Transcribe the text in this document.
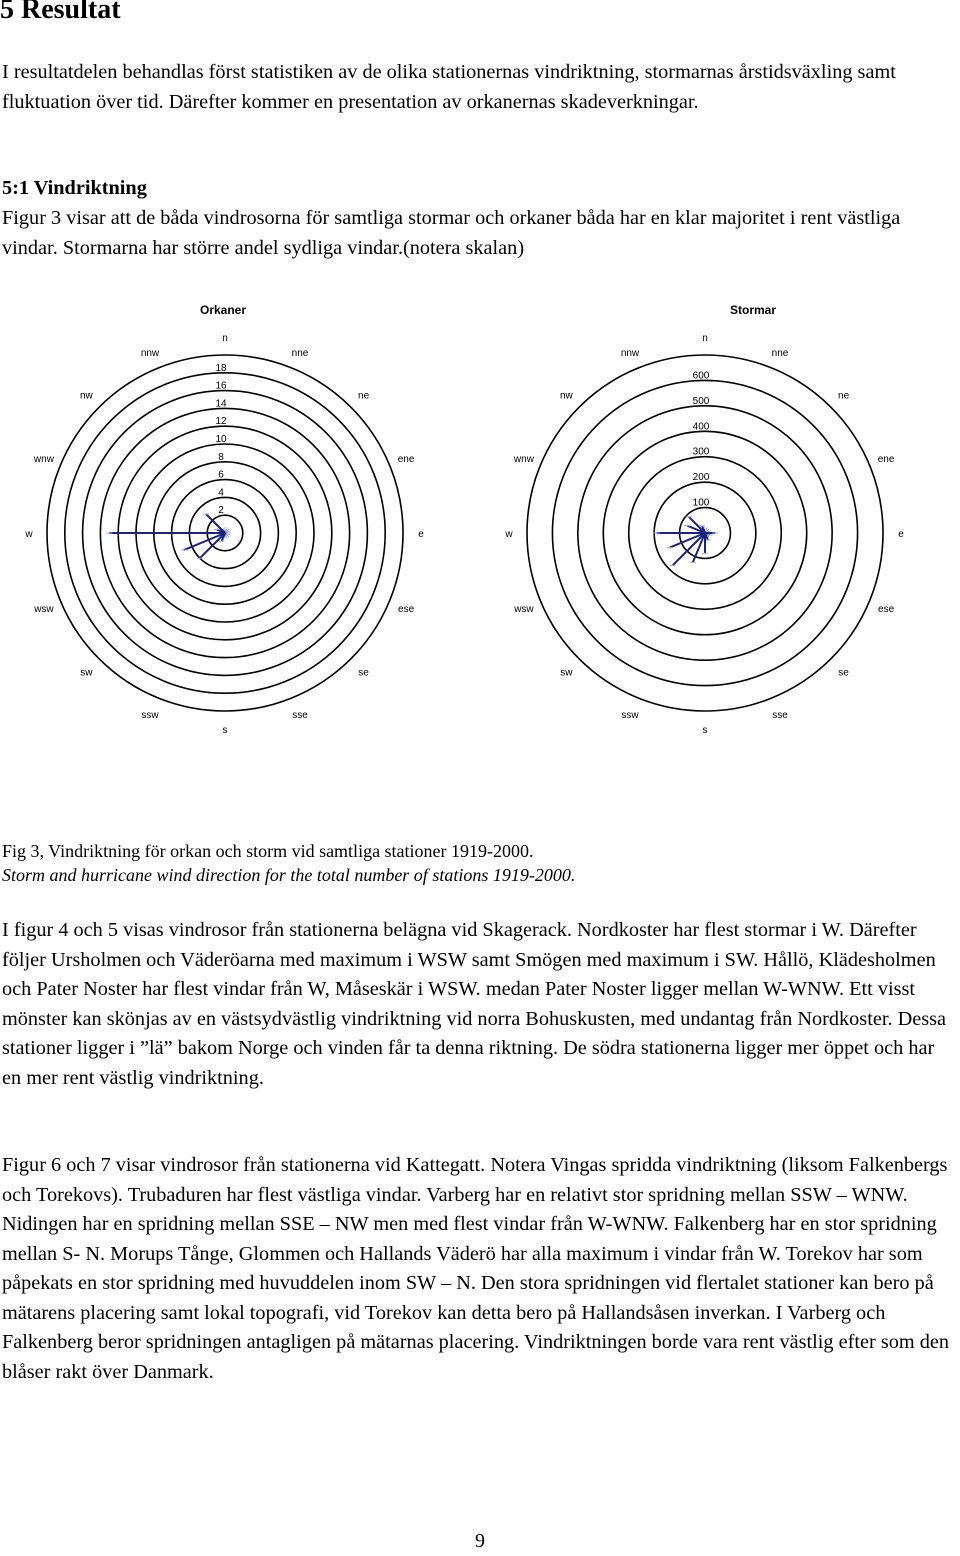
5 Resultat

I resultatdelen behandlas först statistiken av de olika stationernas vindriktning, stormarnas årstidsväxling samt fluktuation över tid. Därefter kommer en presentation av orkanernas skadeverkningar.

5:1 Vindriktning

Figur 3 visar att de båda vindrosorna för samtliga stormar och orkaner båda har en klar majoritet i rent västliga vindar. Stormarna har större andel sydliga vindar.(notera skalan)

Orkaner	Stormar
2
4
6
8
10
12
14
16
18
n
nne
ne
ene
e
ese
se
sse
s
ssw
sw
wsw
w
wnw
nw
nnw
100
200
300
400
500
600
n
nne
ne
ene
e
ese
se
sse
s
ssw
sw
wsw
w
wnw
nw
nnw

Fig 3, Vindriktning för orkan och storm vid samtliga stationer 1919-2000.

Storm and hurricane wind direction for the total number of stations 1919-2000.

I figur 4 och 5 visas vindrosor från stationerna belägna vid Skagerack. Nordkoster har flest stormar i W. Därefter följer Ursholmen och Väderöarna med maximum i WSW samt Smögen med maximum i SW. Hållö, Klädesholmen och Pater Noster har flest vindar från W, Måseskär i WSW. medan Pater Noster ligger mellan W-WNW. Ett visst mönster kan skönjas av en västsydvästlig vindriktning vid norra Bohuskusten, med undantag från Nordkoster. Dessa stationer ligger i ”lä” bakom Norge och vinden får ta denna riktning. De södra stationerna ligger mer öppet och har en mer rent västlig vindriktning.

Figur 6 och 7 visar vindrosor från stationerna vid Kattegatt. Notera Vingas spridda vindriktning (liksom Falkenbergs och Torekovs). Trubaduren har flest västliga vindar. Varberg har en relativt stor spridning mellan SSW – WNW. Nidingen har en spridning mellan SSE – NW men med flest vindar från W-WNW. Falkenberg har en stor spridning mellan S- N. Morups Tånge, Glommen och Hallands Väderö har alla maximum i vindar från W. Torekov har som påpekats en stor spridning med huvuddelen inom SW – N. Den stora spridningen vid flertalet stationer kan bero på mätarens placering samt lokal topografi, vid Torekov kan detta bero på Hallandsåsen inverkan. I Varberg och Falkenberg beror spridningen antagligen på mätarnas placering. Vindriktningen borde vara rent västlig efter som den blåser rakt över Danmark.

9
